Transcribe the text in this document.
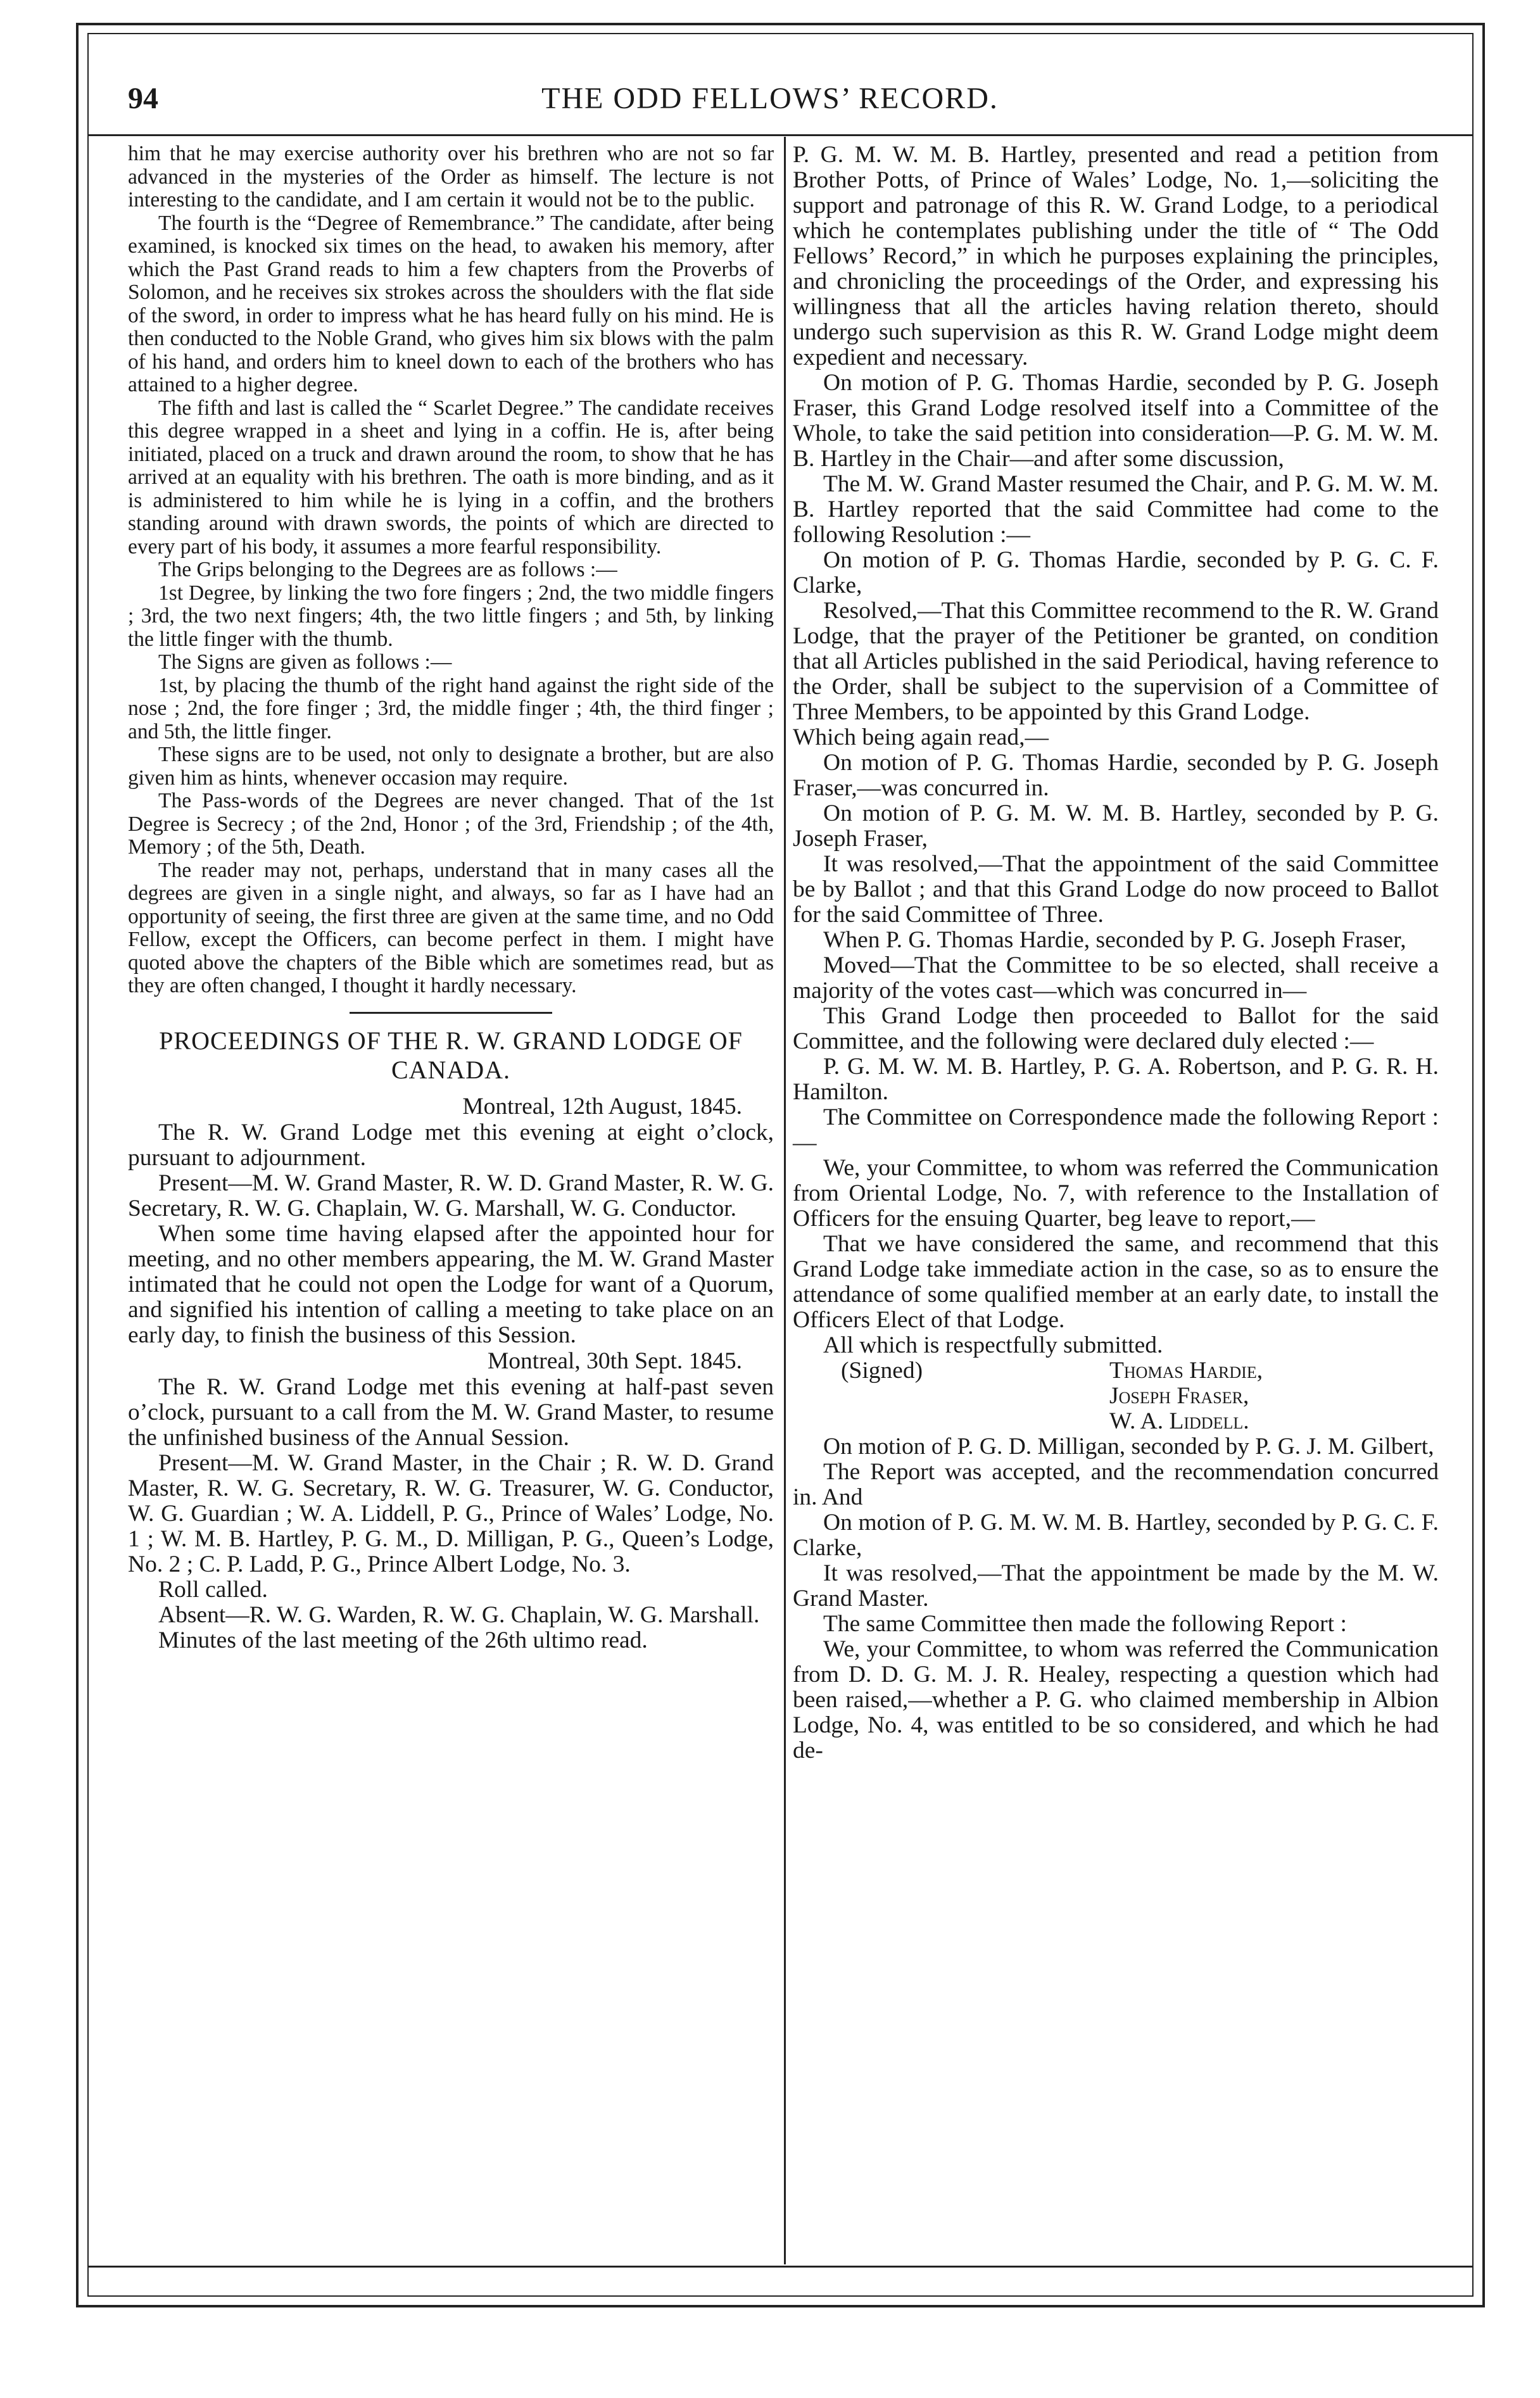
94	THE ODD FELLOWS’ RECORD.

him that he may exercise authority over his brethren who are not so far advanced in the mysteries of the Order as himself. The lecture is not interesting to the candidate, and I am certain it would not be to the public.

The fourth is the “Degree of Remembrance.” The candidate, after being examined, is knocked six times on the head, to awaken his memory, after which the Past Grand reads to him a few chapters from the Proverbs of Solomon, and he receives six strokes across the shoulders with the flat side of the sword, in order to impress what he has heard fully on his mind. He is then conducted to the Noble Grand, who gives him six blows with the palm of his hand, and orders him to kneel down to each of the brothers who has attained to a higher degree.

The fifth and last is called the “ Scarlet Degree.” The candidate receives this degree wrapped in a sheet and lying in a coffin. He is, after being initiated, placed on a truck and drawn around the room, to show that he has arrived at an equality with his brethren. The oath is more binding, and as it is administered to him while he is lying in a coffin, and the brothers standing around with drawn swords, the points of which are directed to every part of his body, it assumes a more fearful responsibility.

The Grips belonging to the Degrees are as follows :—

1st Degree, by linking the two fore fingers ; 2nd, the two middle fingers ; 3rd, the two next fingers; 4th, the two little fingers ; and 5th, by linking the little finger with the thumb.

The Signs are given as follows :—

1st, by placing the thumb of the right hand against the right side of the nose ; 2nd, the fore finger ; 3rd, the middle finger ; 4th, the third finger ; and 5th, the little finger.

These signs are to be used, not only to designate a brother, but are also given him as hints, whenever occasion may require.

The Pass-words of the Degrees are never changed. That of the 1st Degree is Secrecy ; of the 2nd, Honor ; of the 3rd, Friendship ; of the 4th, Memory ; of the 5th, Death.

The reader may not, perhaps, understand that in many cases all the degrees are given in a single night, and always, so far as I have had an opportunity of seeing, the first three are given at the same time, and no Odd Fellow, except the Officers, can become perfect in them. I might have quoted above the chapters of the Bible which are sometimes read, but as they are often changed, I thought it hardly necessary.

PROCEEDINGS OF THE R. W. GRAND LODGE OF CANADA.
Montreal, 12th August, 1845.

The R. W. Grand Lodge met this evening at eight o’clock, pursuant to adjournment.

Present—M. W. Grand Master, R. W. D. Grand Master, R. W. G. Secretary, R. W. G. Chaplain, W. G. Marshall, W. G. Conductor.

When some time having elapsed after the appointed hour for meeting, and no other members appearing, the M. W. Grand Master intimated that he could not open the Lodge for want of a Quorum, and signified his intention of calling a meeting to take place on an early day, to finish the business of this Session.

Montreal, 30th Sept. 1845.

The R. W. Grand Lodge met this evening at half-past seven o’clock, pursuant to a call from the M. W. Grand Master, to resume the unfinished business of the Annual Session.

Present—M. W. Grand Master, in the Chair ; R. W. D. Grand Master, R. W. G. Secretary, R. W. G. Treasurer, W. G. Conductor, W. G. Guardian ; W. A. Liddell, P. G., Prince of Wales’ Lodge, No. 1 ; W. M. B. Hartley, P. G. M., D. Milligan, P. G., Queen’s Lodge, No. 2 ; C. P. Ladd, P. G., Prince Albert Lodge, No. 3.

Roll called.

Absent—R. W. G. Warden, R. W. G. Chaplain, W. G. Marshall.

Minutes of the last meeting of the 26th ultimo read.

P. G. M. W. M. B. Hartley, presented and read a petition from Brother Potts, of Prince of Wales’ Lodge, No. 1,—soliciting the support and patronage of this R. W. Grand Lodge, to a periodical which he contemplates publishing under the title of “ The Odd Fellows’ Record,” in which he purposes explaining the principles, and chronicling the proceedings of the Order, and expressing his willingness that all the articles having relation thereto, should undergo such supervision as this R. W. Grand Lodge might deem expedient and necessary.

On motion of P. G. Thomas Hardie, seconded by P. G. Joseph Fraser, this Grand Lodge resolved itself into a Committee of the Whole, to take the said petition into consideration—P. G. M. W. M. B. Hartley in the Chair—and after some discussion,

The M. W. Grand Master resumed the Chair, and P. G. M. W. M. B. Hartley reported that the said Committee had come to the following Resolution :—

On motion of P. G. Thomas Hardie, seconded by P. G. C. F. Clarke,

Resolved,—That this Committee recommend to the R. W. Grand Lodge, that the prayer of the Petitioner be granted, on condition that all Articles published in the said Periodical, having reference to the Order, shall be subject to the supervision of a Committee of Three Members, to be appointed by this Grand Lodge.

Which being again read,—

On motion of P. G. Thomas Hardie, seconded by P. G. Joseph Fraser,—was concurred in.

On motion of P. G. M. W. M. B. Hartley, seconded by P. G. Joseph Fraser,

It was resolved,—That the appointment of the said Committee be by Ballot ; and that this Grand Lodge do now proceed to Ballot for the said Committee of Three.

When P. G. Thomas Hardie, seconded by P. G. Joseph Fraser,

Moved—That the Committee to be so elected, shall receive a majority of the votes cast—which was concurred in—

This Grand Lodge then proceeded to Ballot for the said Committee, and the following were declared duly elected :—

P. G. M. W. M. B. Hartley, P. G. A. Robertson, and P. G. R. H. Hamilton.

The Committee on Correspondence made the following Report :—

We, your Committee, to whom was referred the Communication from Oriental Lodge, No. 7, with reference to the Installation of Officers for the ensuing Quarter, beg leave to report,—

That we have considered the same, and recommend that this Grand Lodge take immediate action in the case, so as to ensure the attendance of some qualified member at an early date, to install the Officers Elect of that Lodge.

All which is respectfully submitted.

(Signed)	Thomas Hardie,
Joseph Fraser,
W. A. Liddell.

On motion of P. G. D. Milligan, seconded by P. G. J. M. Gilbert,

The Report was accepted, and the recommendation concurred in. And

On motion of P. G. M. W. M. B. Hartley, seconded by P. G. C. F. Clarke,

It was resolved,—That the appointment be made by the M. W. Grand Master.

The same Committee then made the following Report :

We, your Committee, to whom was referred the Communication from D. D. G. M. J. R. Healey, respecting a question which had been raised,—whether a P. G. who claimed membership in Albion Lodge, No. 4, was entitled to be so considered, and which he had de-
